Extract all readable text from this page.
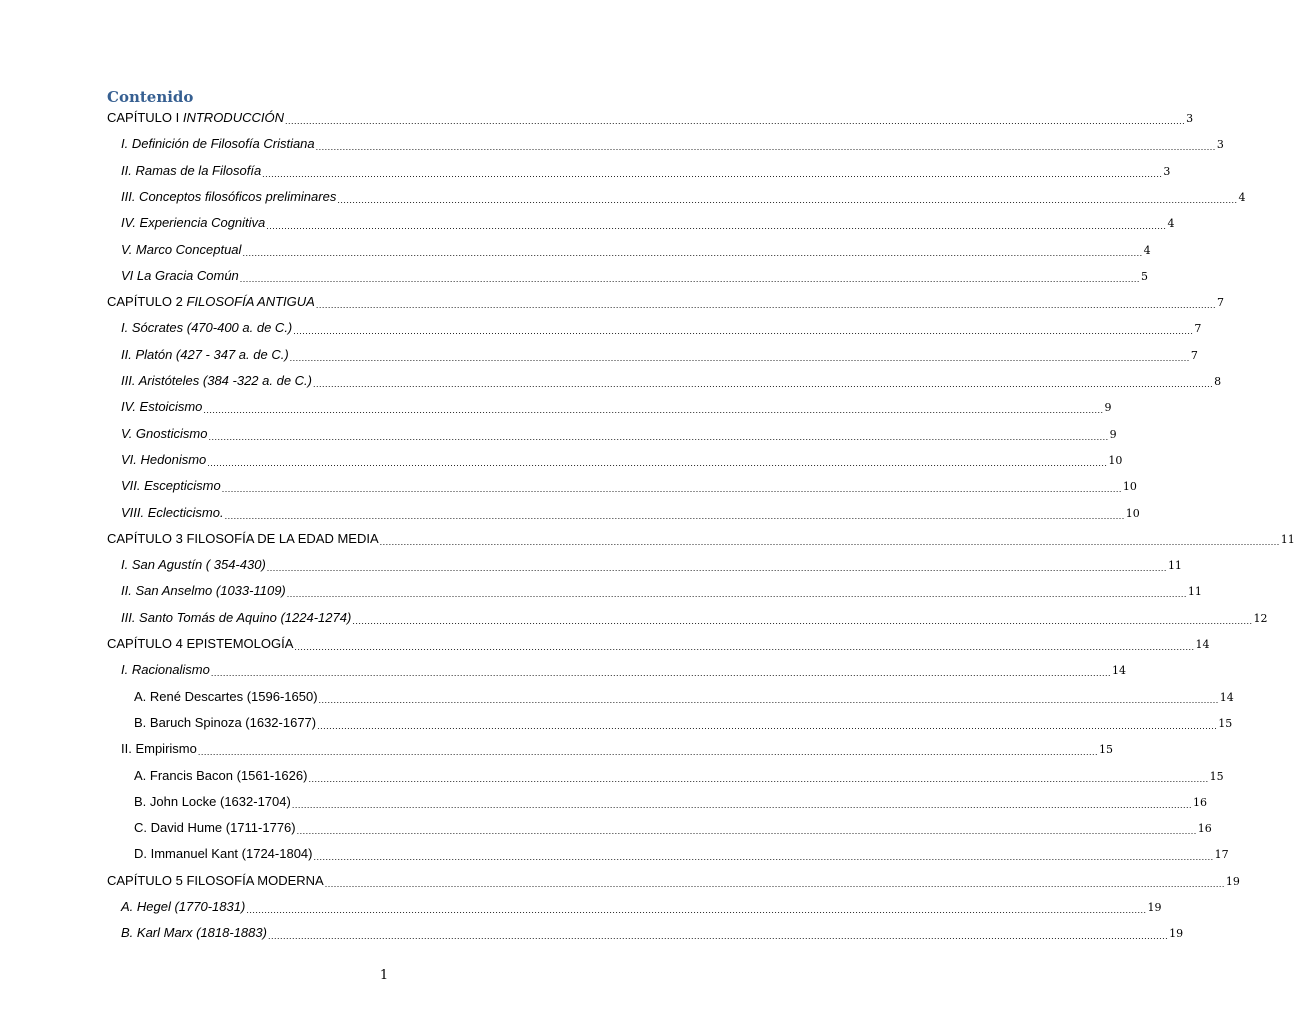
Contenido
CAPÍTULO I INTRODUCCIÓN ............................................................................................................................................................................................................................................................................................................ 3
I. Definición de Filosofía Cristiana ............................................................................................................................................................................................................................................................................................................ 3
II. Ramas de la Filosofía ............................................................................................................................................................................................................................................................................................................ 3
III. Conceptos filosóficos preliminares ............................................................................................................................................................................................................................................................................................................ 4
IV. Experiencia Cognitiva ............................................................................................................................................................................................................................................................................................................ 4
V. Marco Conceptual ............................................................................................................................................................................................................................................................................................................ 4
VI La Gracia Común ............................................................................................................................................................................................................................................................................................................ 5
CAPÍTULO 2 FILOSOFÍA ANTIGUA ............................................................................................................................................................................................................................................................................................................ 7
I. Sócrates (470-400 a. de C.) ............................................................................................................................................................................................................................................................................................................ 7
II. Platón (427 - 347 a. de C.) ............................................................................................................................................................................................................................................................................................................ 7
III. Aristóteles (384 -322 a. de C.) ............................................................................................................................................................................................................................................................................................................ 8
IV. Estoicismo ............................................................................................................................................................................................................................................................................................................ 9
V. Gnosticismo ............................................................................................................................................................................................................................................................................................................ 9
VI. Hedonismo ............................................................................................................................................................................................................................................................................................................ 10
VII. Escepticismo ............................................................................................................................................................................................................................................................................................................ 10
VIII. Eclecticismo. ............................................................................................................................................................................................................................................................................................................ 10
CAPÍTULO 3 FILOSOFÍA DE LA EDAD MEDIA ............................................................................................................................................................................................................................................................................................................ 11
I. San Agustín ( 354-430) ............................................................................................................................................................................................................................................................................................................ 11
II. San Anselmo (1033-1109) ............................................................................................................................................................................................................................................................................................................ 11
III. Santo Tomás de Aquino (1224-1274) ............................................................................................................................................................................................................................................................................................................ 12
CAPÍTULO 4 EPISTEMOLOGÍA ............................................................................................................................................................................................................................................................................................................ 14
I. Racionalismo ............................................................................................................................................................................................................................................................................................................ 14
A. René Descartes (1596-1650) ............................................................................................................................................................................................................................................................................................................ 14
B. Baruch Spinoza (1632-1677) ............................................................................................................................................................................................................................................................................................................ 15
II. Empirismo ............................................................................................................................................................................................................................................................................................................ 15
A. Francis Bacon (1561-1626) ............................................................................................................................................................................................................................................................................................................ 15
B. John Locke (1632-1704) ............................................................................................................................................................................................................................................................................................................ 16
C. David Hume (1711-1776) ............................................................................................................................................................................................................................................................................................................ 16
D. Immanuel Kant (1724-1804) ............................................................................................................................................................................................................................................................................................................ 17
CAPÍTULO 5 FILOSOFÍA MODERNA ............................................................................................................................................................................................................................................................................................................ 19
A. Hegel (1770-1831) ............................................................................................................................................................................................................................................................................................................ 19
B. Karl Marx (1818-1883) ............................................................................................................................................................................................................................................................................................................ 19
1
